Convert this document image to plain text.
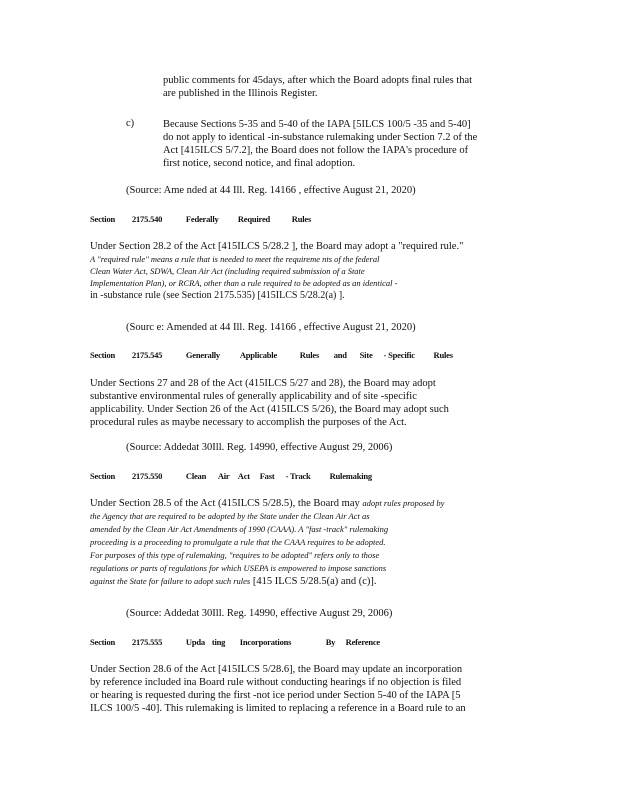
public comments for 45days, after which the Board adopts final rules that
are published in the Illinois Register.
c)	Because Sections 5-35 and 5-40 of the IAPA [5ILCS 100/5 -35 and 5-40]
do not apply to identical -in-substance rulemaking under Section 7.2 of the
Act [415ILCS 5/7.2], the Board does not follow the IAPA's procedure of
first notice, second notice, and final adoption.
(Source: Ame nded at 44 Ill. Reg. 14166 , effective August 21, 2020)
Section 2175.540	Federally Required	Rules
Under Section 28.2 of the Act [415ILCS 5/28.2 ], the Board may adopt a "required rule."
A "required rule" means a rule that is needed to meet the requireme nts of the federal
Clean Water Act, SDWA, Clean Air Act (including required submission of a State
Implementation Plan), or RCRA, other than a rule required to be adopted as an identical -
in -substance rule (see Section 2175.535) [415ILCS 5/28.2(a) ].
(Sourc e: Amended at 44 Ill. Reg. 14166 , effective August 21, 2020)
Section 2175.545	Generally Applicable	Rules and Site - Specific Rules
Under Sections 27 and 28 of the Act (415ILCS 5/27 and 28), the Board may adopt
substantive environmental rules of generally applicability and of site -specific
applicability. Under Section 26 of the Act (415ILCS 5/26), the Board may adopt such
procedural rules as maybe necessary to accomplish the purposes of the Act.
(Source: Addedat 30Ill. Reg. 14990, effective August 29, 2006)
Section 2175.550	Clean Air Act Fast - Track Rulemaking
Under Section 28.5 of the Act (415ILCS 5/28.5), the Board may adopt rules proposed by
the Agency that are required to be adopted by the State under the Clean Air Act as
amended by the Clean Air Act Amendments of 1990 (CAAA). A "fast -track" rulemaking
proceeding is a proceeding to promulgate a rule that the CAAA requires to be adopted.
For purposes of this type of rulemaking, "requires to be adopted" refers only to those
regulations or parts of regulations for which USEPA is empowered to impose sanctions
against the State for failure to adopt such rules [415 ILCS 5/28.5(a) and (c)].
(Source: Addedat 30Ill. Reg. 14990, effective August 29, 2006)
Section 2175.555	Upda ting Incorporations	By Reference
Under Section 28.6 of the Act [415ILCS 5/28.6], the Board may update an incorporation
by reference included ina Board rule without conducting hearings if no objection is filed
or hearing is requested during the first -not ice period under Section 5-40 of the IAPA [5
ILCS 100/5 -40]. This rulemaking is limited to replacing a reference in a Board rule to an
